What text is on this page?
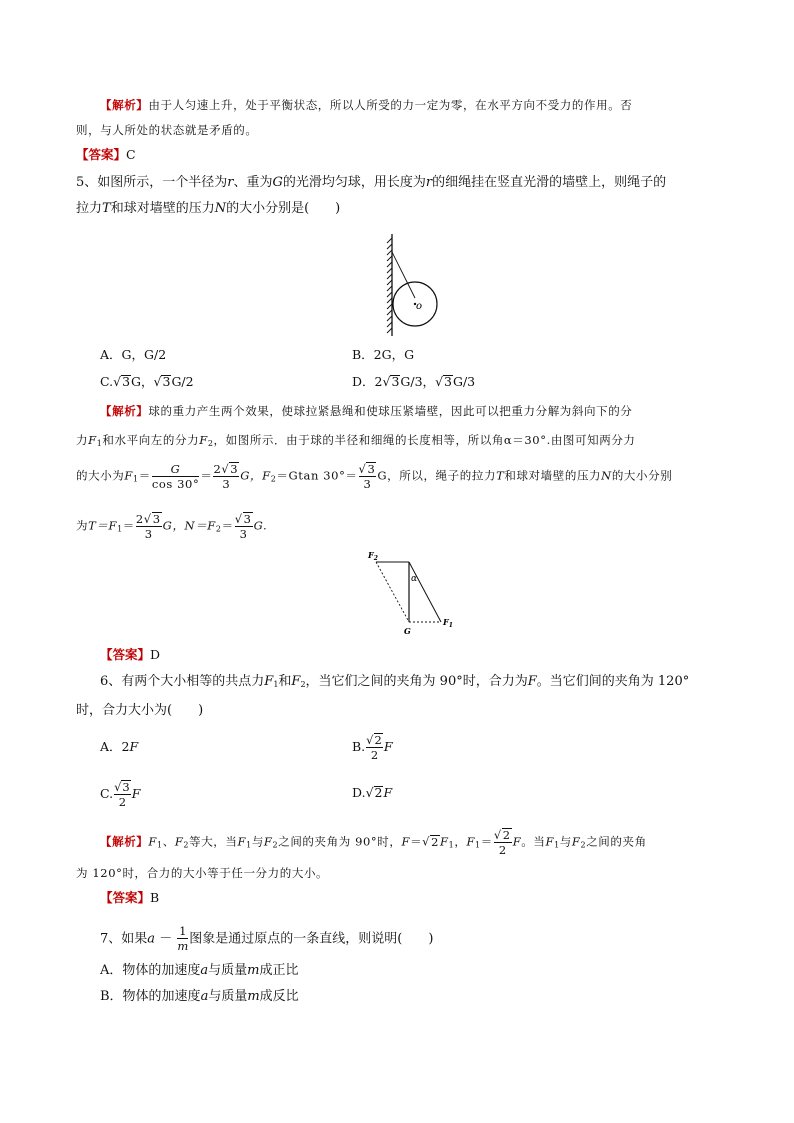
【解析】由于人匀速上升，处于平衡状态，所以人所受的力一定为零，在水平方向不受力的作用。否
则，与人所处的状态就是矛盾的。
【答案】C
5、如图所示，一个半径为r、重为G的光滑均匀球，用长度为r的细绳挂在竖直光滑的墙壁上，则绳子的
拉力T和球对墙壁的压力N的大小分别是(　　)
o
A．G，G/2	B．2G，G
C.√3G，√3G/2	D．2√3G/3，√3G/3
【解析】球的重力产生两个效果，使球拉紧悬绳和使球压紧墙壁，因此可以把重力分解为斜向下的分
力$F_1$和水平向左的分力$F_2$，如图所示．由于球的半径和细绳的长度相等，所以角α＝30°.由图可知两分力
的大小为$F_1= \frac{G}{\cos 30^\circ} = \frac{2√3}{3}$ G，$F_2=Gtan$ $30^\circ= \frac{√3}{3}$ G，所以，绳子的拉力T和球对墙壁的压力N的大小分别
为$T=F_1= \frac{2√3}{3}$ G，$N=F_2= \frac{√3}{3} G$.
$F_2$
α
G
$F_1$
【答案】D
6、有两个大小相等的共点力$F_1$和$F_2$，当它们之间的夹角为 90°时，合力为F。当它们间的夹角为 120°
时，合力大小为(　　)
A．2F	B. $\frac{√2}{2}$ F
C. $\frac{√3}{2}$ F	D.√2F
【解析】$F_1$、$F_2$等大，当$F_1$与$F_2$之间的夹角为 90°时，$F=√2F_1$，$F_1= \frac{√2}{2}$ F。当$F_1$与$F_2$之间的夹角
为 120°时，合力的大小等于任一分力的大小。
【答案】B
7、如果$a - \frac{1}{m}$ 图象是通过原点的一条直线，则说明(　　)
A．物体的加速度a与质量m成正比
B．物体的加速度a与质量m成反比
